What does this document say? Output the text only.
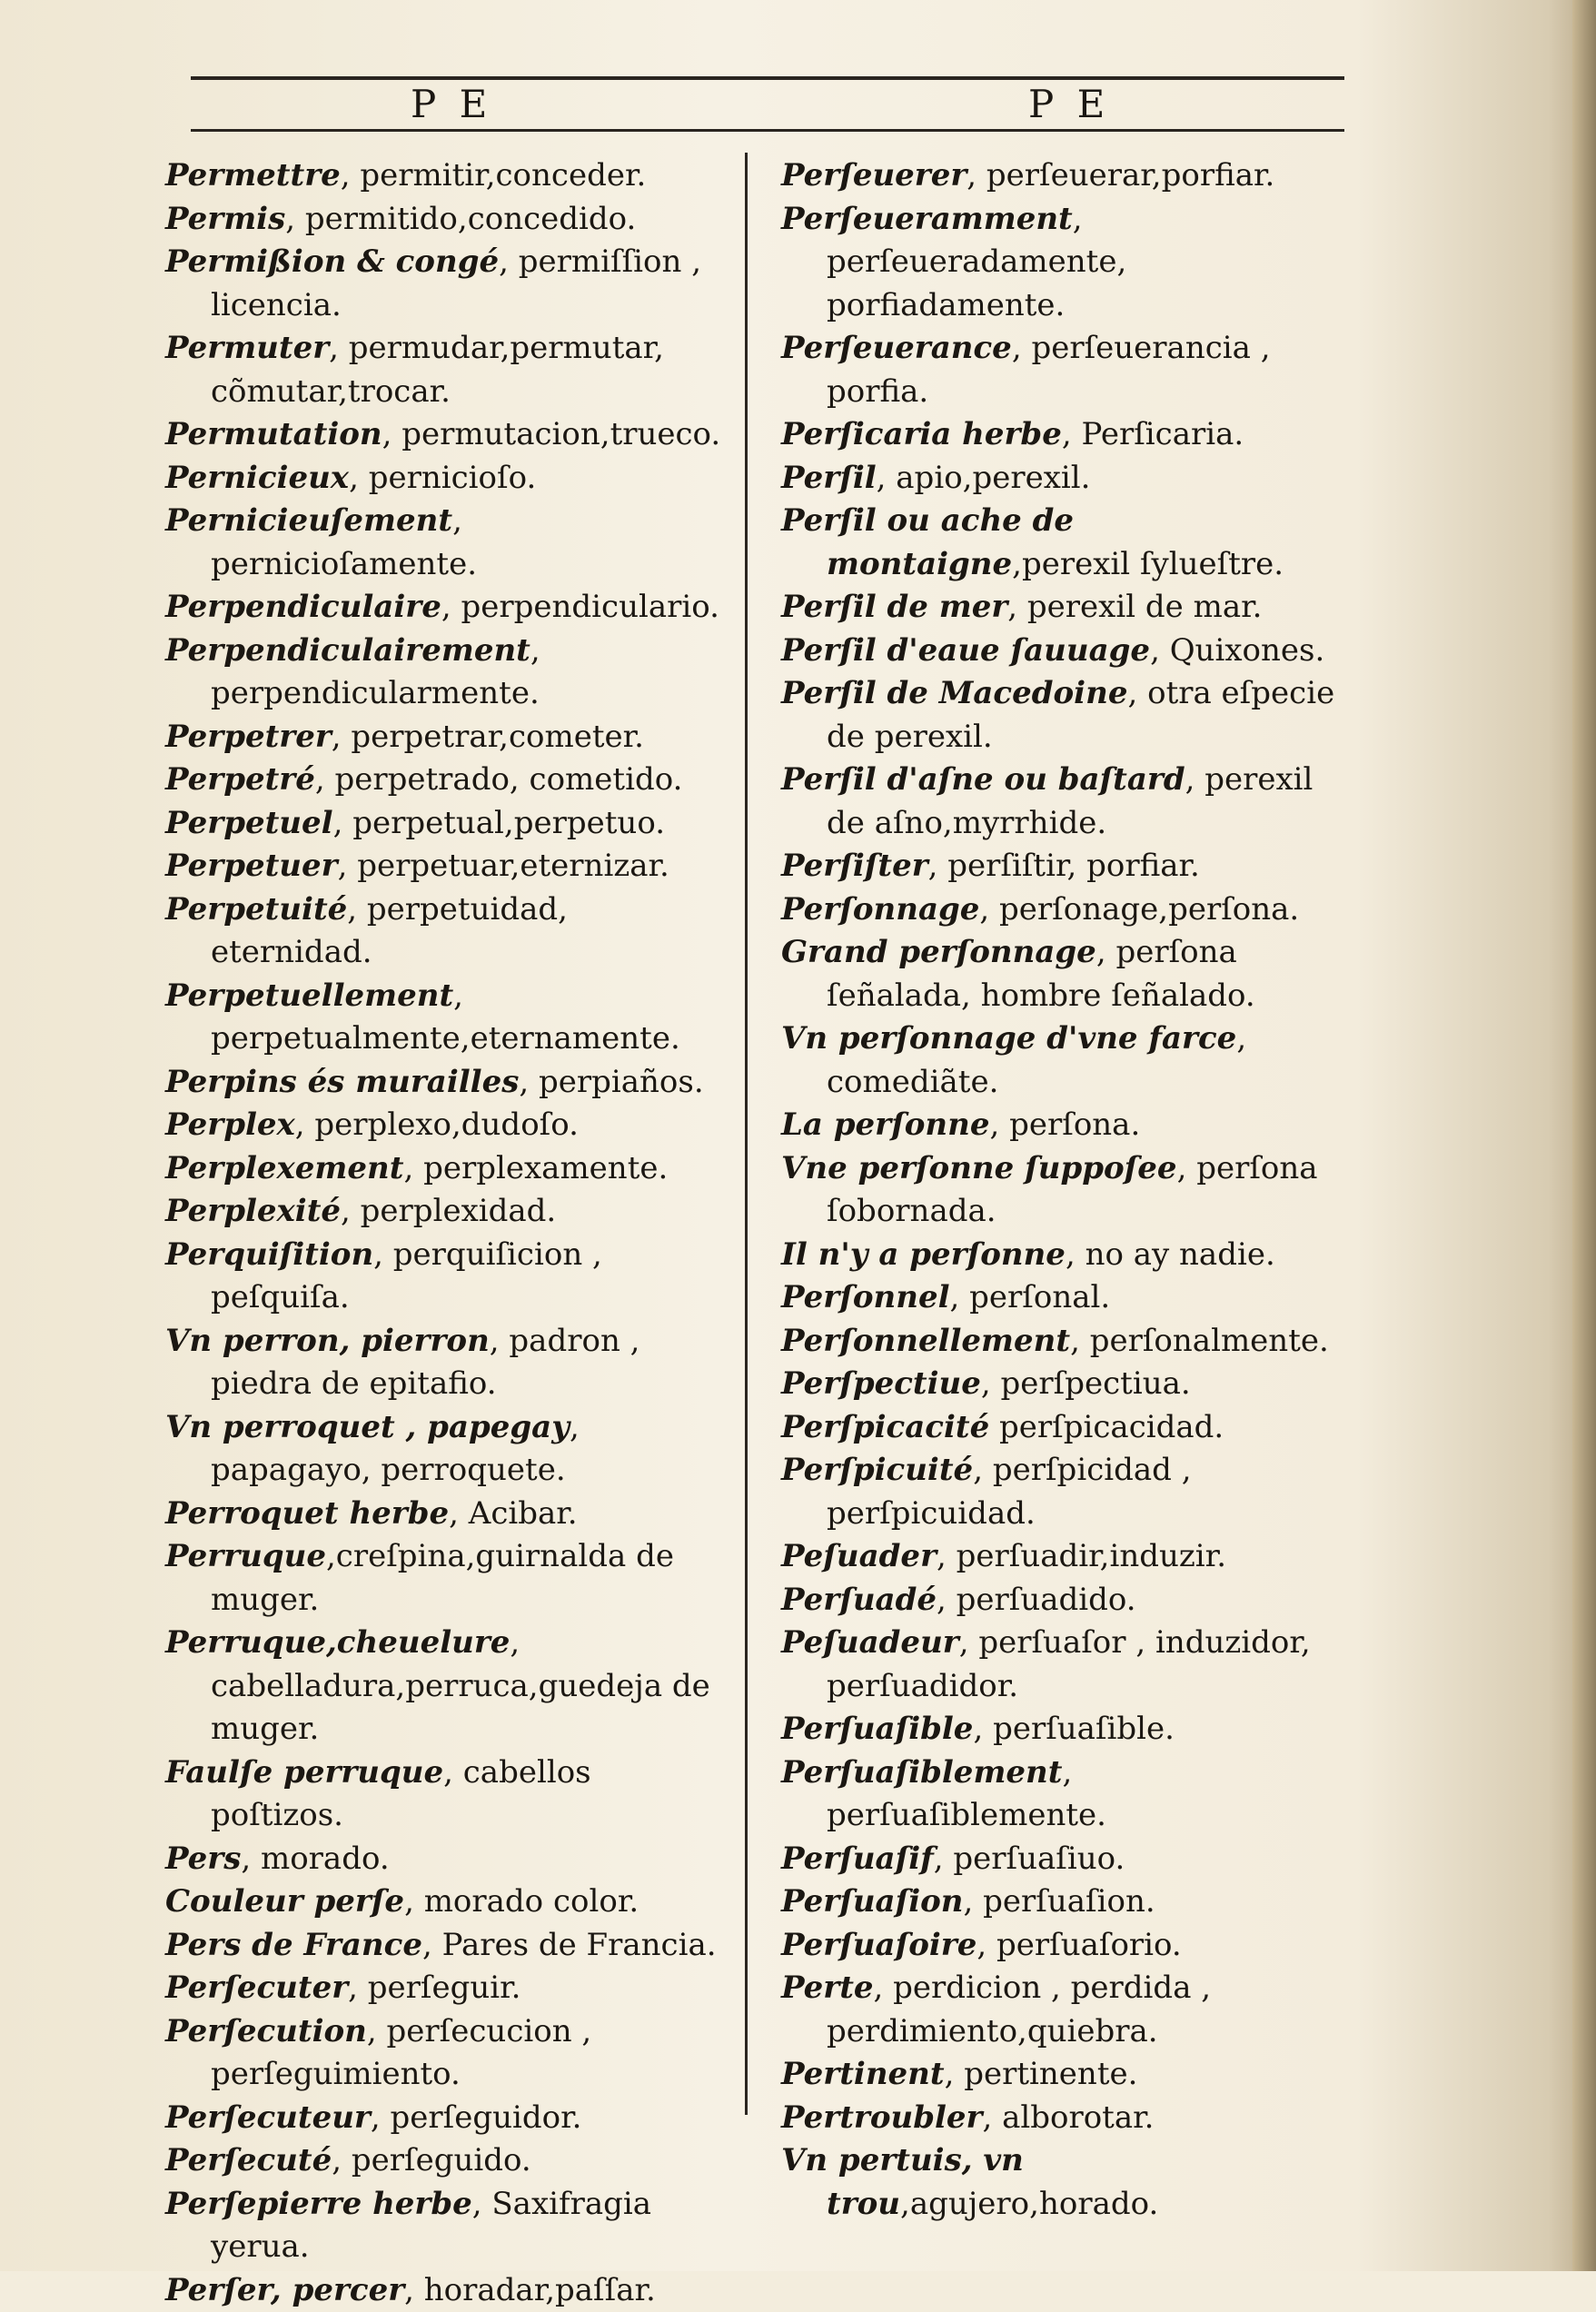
P E	P E
Permettre, permitir,conceder.
Permis, permitido,concedido.
Permißion & congé, permiſſion , licencia.
Permuter, permudar,permutar, cõmutar,trocar.
Permutation, permutacion,trueco.
Pernicieux, pernicioſo.
Pernicieuſement, pernicioſamente.
Perpendiculaire, perpendiculario.
Perpendiculairement, perpendicularmente.
Perpetrer, perpetrar,cometer.
Perpetré, perpetrado, cometido.
Perpetuel, perpetual,perpetuo.
Perpetuer, perpetuar,eternizar.
Perpetuité, perpetuidad, eternidad.
Perpetuellement, perpetualmente,eternamente.
Perpins és murailles, perpiaños.
Perplex, perplexo,dudoſo.
Perplexement, perplexamente.
Perplexité, perplexidad.
Perquiſition, perquiſicion , peſquiſa.
Vn perron, pierron, padron , piedra de epitafio.
Vn perroquet , papegay, papagayo, perroquete.
Perroquet herbe, Acibar.
Perruque,creſpina,guirnalda de muger.
Perruque,cheuelure, cabelladura,perruca,guedeja de muger.
Faulſe perruque, cabellos poſtizos.
Pers, morado.
Couleur perſe, morado color.
Pers de France, Pares de Francia.
Perſecuter, perſeguir.
Perſecution, perſecucion , perſeguimiento.
Perſecuteur, perſeguidor.
Perſecuté, perſeguido.
Perſepierre herbe, Saxifragia yerua.
Perſer, percer, horadar,paſſar.
Perſeuerer, perſeuerar,porfiar.
Perſeueramment, perſeueradamente, porfiadamente.
Perſeuerance, perſeuerancia , porfia.
Perſicaria herbe, Perſicaria.
Perſil, apio,perexil.
Perſil ou ache de montaigne,perexil ſylueſtre.
Perſil de mer, perexil de mar.
Perſil d'eaue ſauuage, Quixones.
Perſil de Macedoine, otra eſpecie de perexil.
Perſil d'aſne ou baſtard, perexil de aſno,myrrhide.
Perſiſter, perſiſtir, porfiar.
Perſonnage, perſonage,perſona.
Grand perſonnage, perſona ſeñalada, hombre ſeñalado.
Vn perſonnage d'vne farce, comediãte.
La perſonne, perſona.
Vne perſonne ſuppoſee, perſona ſobornada.
Il n'y a perſonne, no ay nadie.
Perſonnel, perſonal.
Perſonnellement, perſonalmente.
Perſpectiue, perſpectiua.
Perſpicacité perſpicacidad.
Perſpicuité, perſpicidad , perſpicuidad.
Peſuader, perſuadir,induzir.
Perſuadé, perſuadido.
Peſuadeur, perſuaſor , induzidor, perſuadidor.
Perſuaſible, perſuaſible.
Perſuaſiblement, perſuaſiblemente.
Perſuaſif, perſuaſiuo.
Perſuaſion, perſuaſion.
Perſuaſoire, perſuaſorio.
Perte, perdicion , perdida , perdimiento,quiebra.
Pertinent, pertinente.
Pertroubler, alborotar.
Vn pertuis, vn trou,agujero,horado.
